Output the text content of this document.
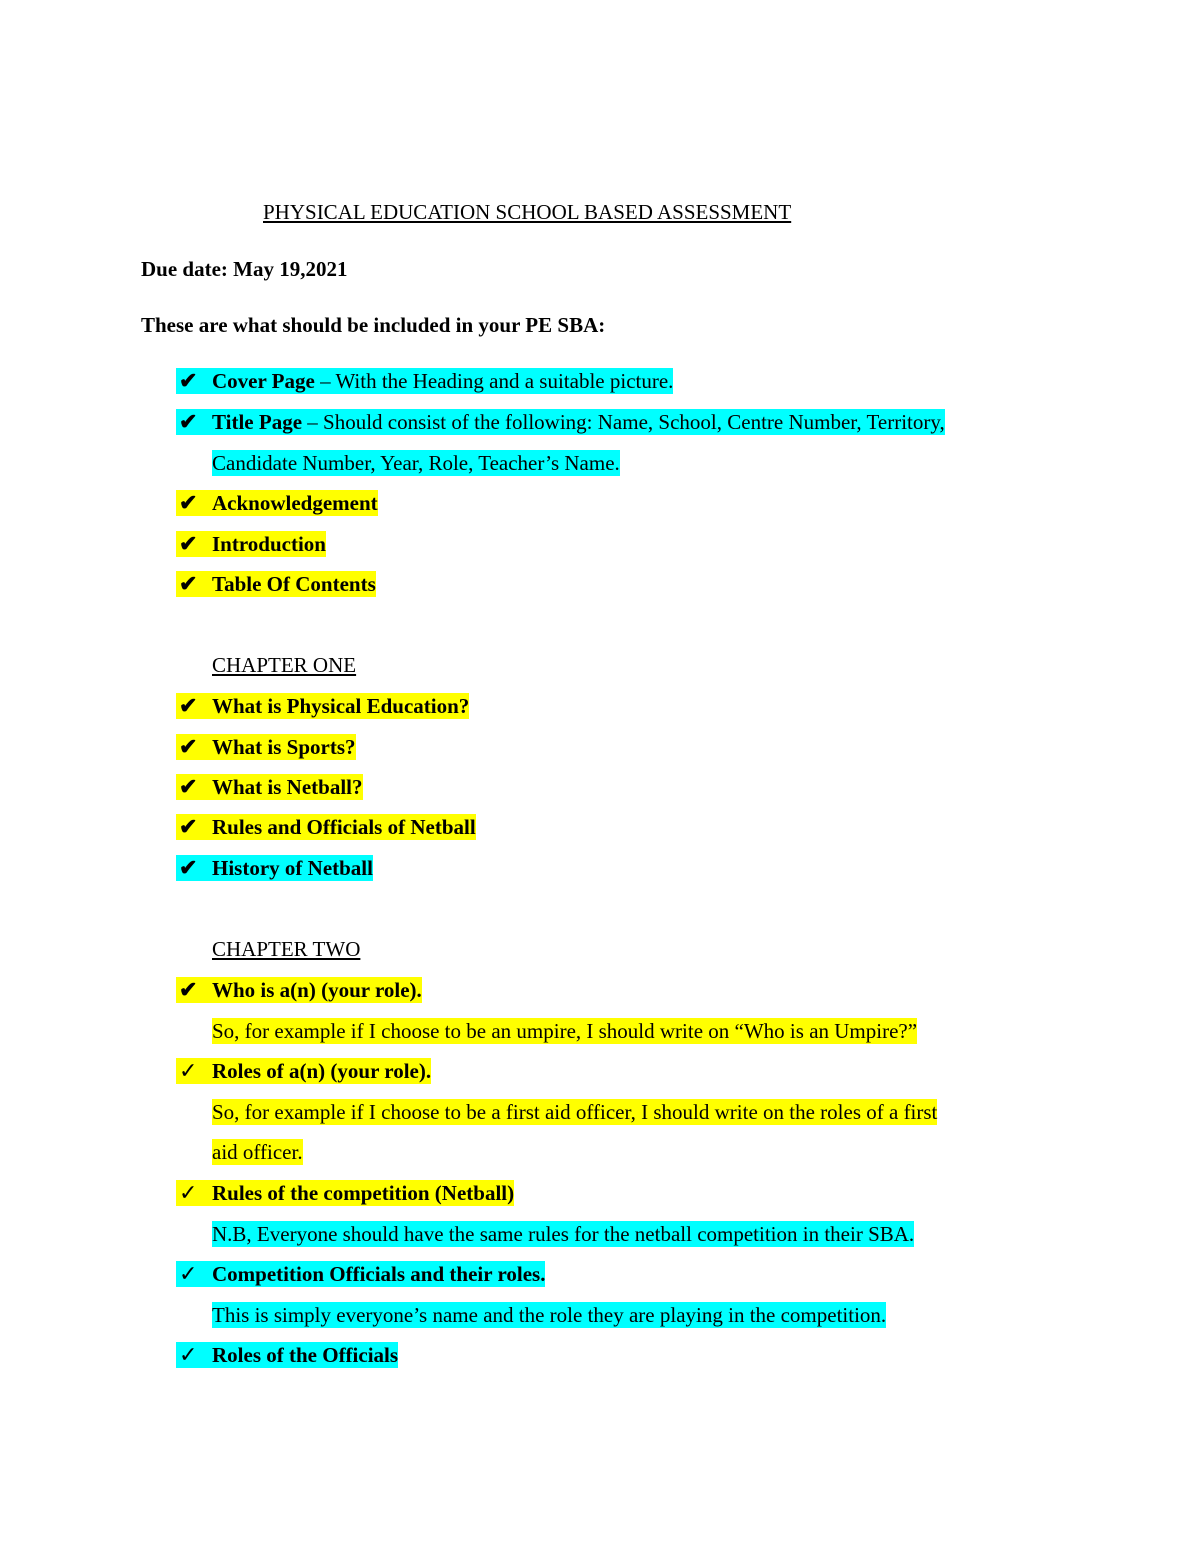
PHYSICAL EDUCATION SCHOOL BASED ASSESSMENT
Due date: May 19,2021
These are what should be included in your PE SBA:
✔ Cover Page – With the Heading and a suitable picture.
✔ Title Page – Should consist of the following: Name, School, Centre Number, Territory,
Candidate Number, Year, Role, Teacher’s Name.
✔ Acknowledgement
✔ Introduction
✔ Table Of Contents
CHAPTER ONE
✔ What is Physical Education?
✔ What is Sports?
✔ What is Netball?
✔ Rules and Officials of Netball
✔ History of Netball
CHAPTER TWO
✔ Who is a(n) (your role).
So, for example if I choose to be an umpire, I should write on “Who is an Umpire?”
✓ Roles of a(n) (your role).
So, for example if I choose to be a first aid officer, I should write on the roles of a first
aid officer.
✓ Rules of the competition (Netball)
N.B, Everyone should have the same rules for the netball competition in their SBA.
✓ Competition Officials and their roles.
This is simply everyone’s name and the role they are playing in the competition.
✓ Roles of the Officials
